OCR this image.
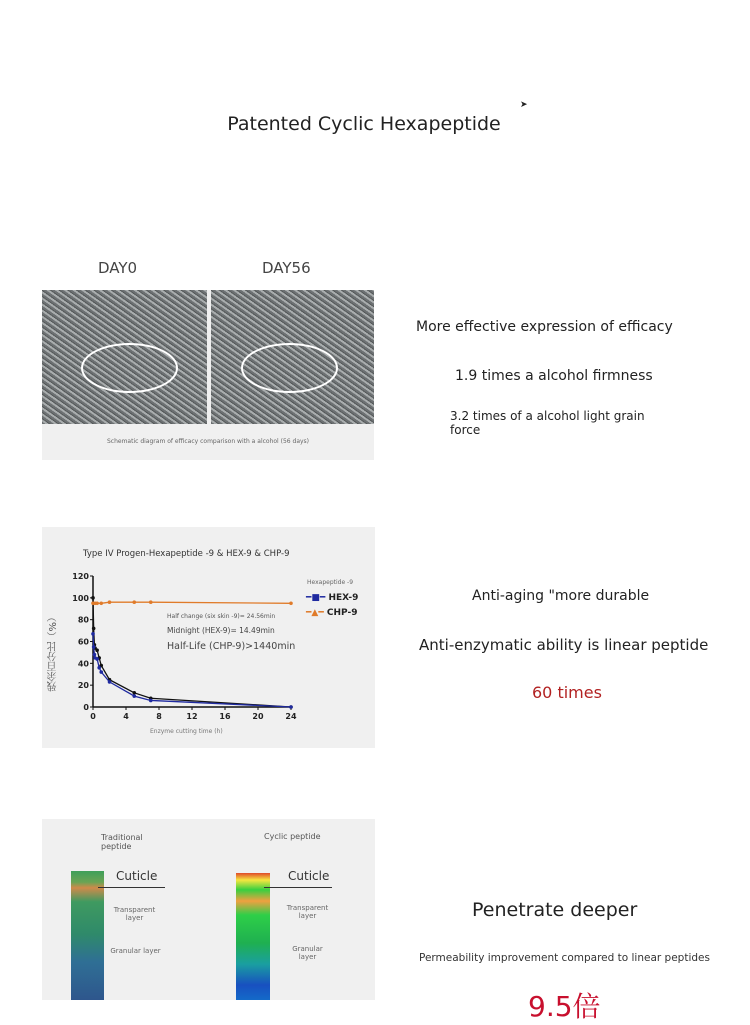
Patented Cyclic Hexapeptide
➤
DAY0	DAY56
Schematic diagram of efficacy comparison with a alcohol (56 days)
More effective expression of efficacy
1.9 times a alcohol firmness
3.2 times of a alcohol light grain force
Type IV Progen-Hexapeptide -9 & HEX-9 & CHP-9
0	4	8	12	16	20	24
0
20
40
60
80
100
120
Enzyme cutting time (h)
残余百分比（%）
Hexapeptide -9
━■━ HEX-9
━▲━ CHP-9
Half change (six skin -9)= 24.56min
Midnight (HEX-9)= 14.49min
Half-Life (CHP-9)>1440min
Anti-aging "more durable
Anti-enzymatic ability is linear peptide
60 times
Traditional peptide
Cyclic peptide
Cuticle	Cuticle
Transparent layer
Transparent layer
Granular layer	Granular layer
Penetrate deeper
Permeability improvement compared to linear peptides
9.5倍
